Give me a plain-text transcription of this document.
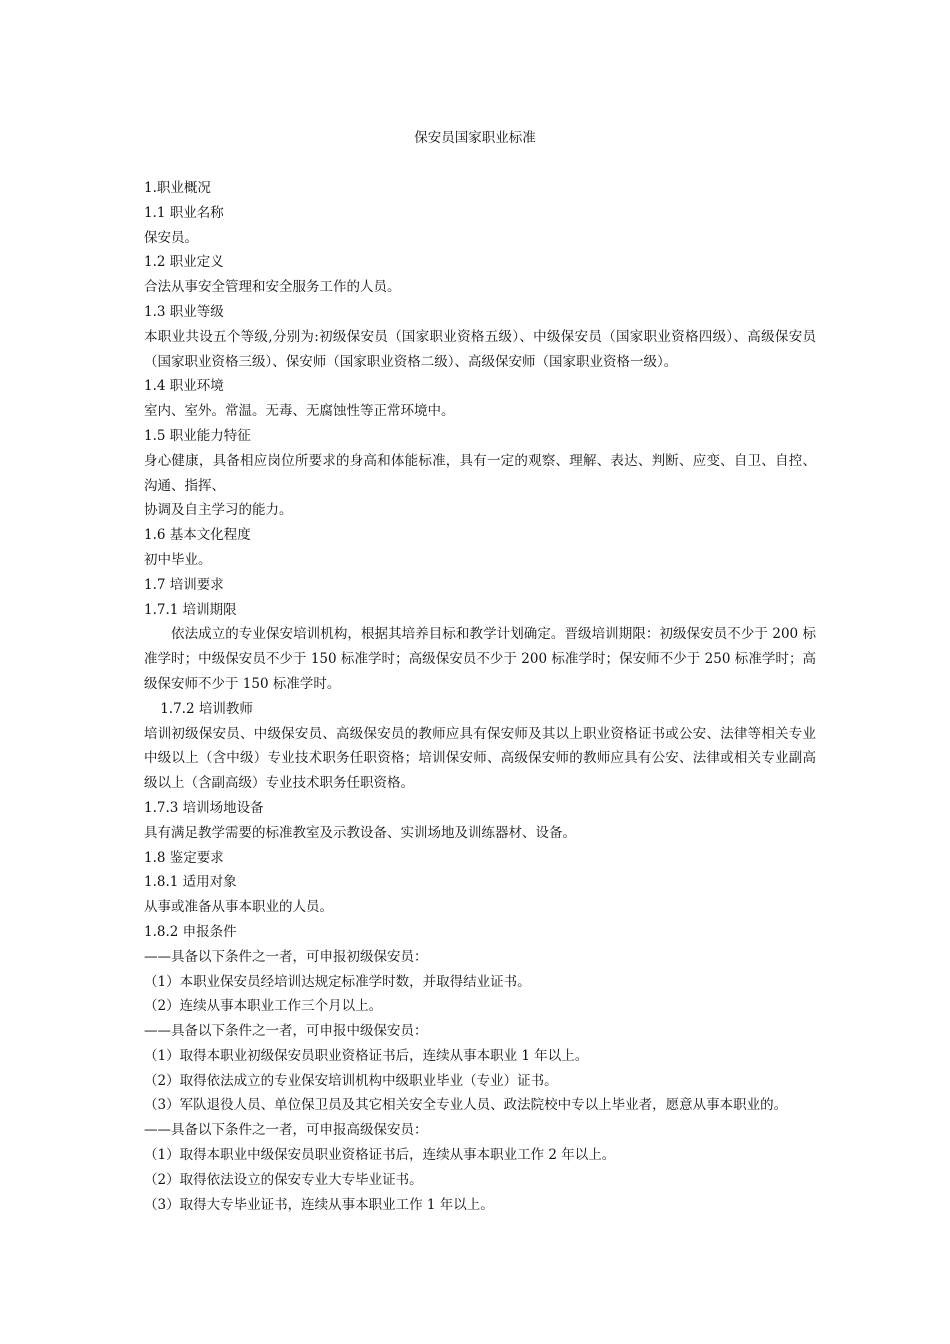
保安员国家职业标准

1.职业概况

1.1 职业名称

保安员。

1.2 职业定义

合法从事安全管理和安全服务工作的人员。

1.3 职业等级

本职业共设五个等级,分别为:初级保安员（国家职业资格五级）、中级保安员（国家职业资格四级）、高级保安员（国家职业资格三级）、保安师（国家职业资格二级）、高级保安师（国家职业资格一级）。

1.4 职业环境

室内、室外。常温。无毒、无腐蚀性等正常环境中。

1.5 职业能力特征

身心健康，具备相应岗位所要求的身高和体能标准，具有一定的观察、理解、表达、判断、应变、自卫、自控、沟通、指挥、

协调及自主学习的能力。

1.6 基本文化程度

初中毕业。

1.7 培训要求

1.7.1 培训期限

依法成立的专业保安培训机构，根据其培养目标和教学计划确定。晋级培训期限：初级保安员不少于 200 标准学时；中级保安员不少于 150 标准学时；高级保安员不少于 200 标准学时；保安师不少于 250 标准学时；高级保安师不少于 150 标准学时。

1.7.2 培训教师

培训初级保安员、中级保安员、高级保安员的教师应具有保安师及其以上职业资格证书或公安、法律等相关专业中级以上（含中级）专业技术职务任职资格；培训保安师、高级保安师的教师应具有公安、法律或相关专业副高级以上（含副高级）专业技术职务任职资格。

1.7.3 培训场地设备

具有满足教学需要的标准教室及示教设备、实训场地及训练器材、设备。

1.8 鉴定要求

1.8.1 适用对象

从事或准备从事本职业的人员。

1.8.2 申报条件

——具备以下条件之一者，可申报初级保安员：

（1）本职业保安员经培训达规定标准学时数，并取得结业证书。

（2）连续从事本职业工作三个月以上。

——具备以下条件之一者，可申报中级保安员：

（1）取得本职业初级保安员职业资格证书后，连续从事本职业 1 年以上。

（2）取得依法成立的专业保安培训机构中级职业毕业（专业）证书。

（3）军队退役人员、单位保卫员及其它相关安全专业人员、政法院校中专以上毕业者，愿意从事本职业的。

——具备以下条件之一者，可申报高级保安员：

（1）取得本职业中级保安员职业资格证书后，连续从事本职业工作 2 年以上。

（2）取得依法设立的保安专业大专毕业证书。

（3）取得大专毕业证书，连续从事本职业工作 1 年以上。
